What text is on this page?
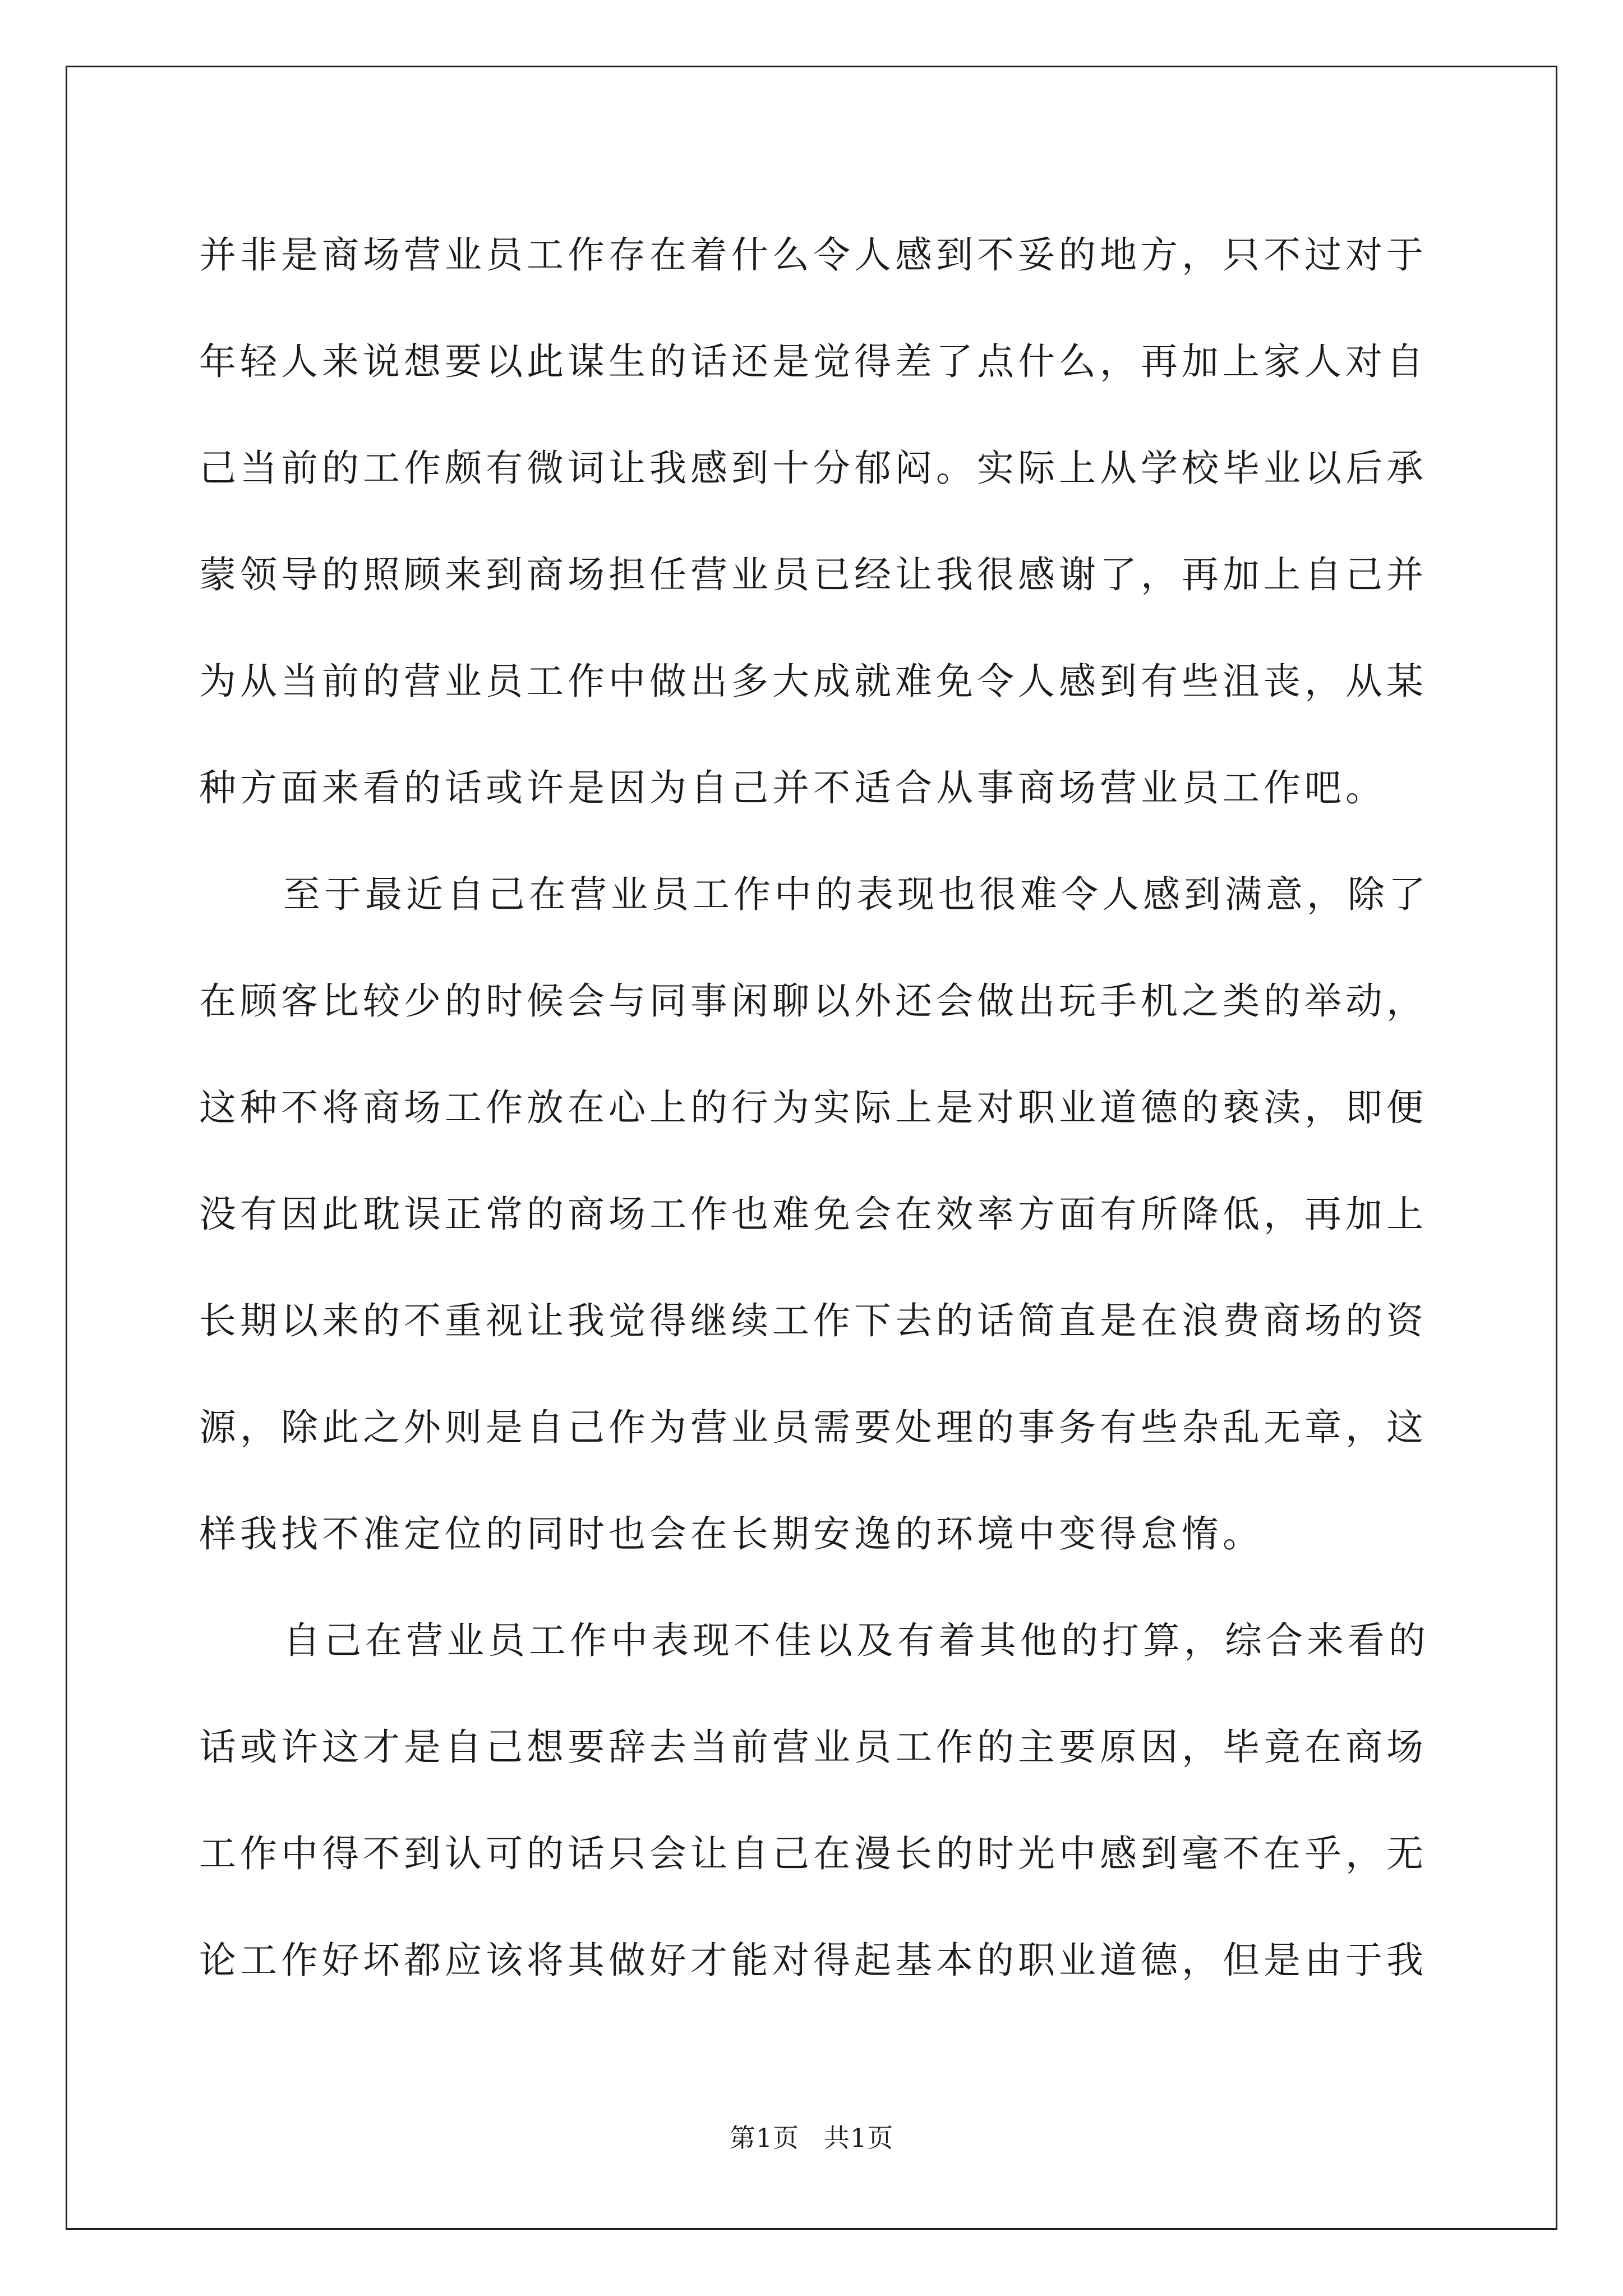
并非是商场营业员工作存在着什么令人感到不妥的地方，只不过对于
年轻人来说想要以此谋生的话还是觉得差了点什么，再加上家人对自
己当前的工作颇有微词让我感到十分郁闷。实际上从学校毕业以后承
蒙领导的照顾来到商场担任营业员已经让我很感谢了，再加上自己并
为从当前的营业员工作中做出多大成就难免令人感到有些沮丧，从某
种方面来看的话或许是因为自己并不适合从事商场营业员工作吧。
至于最近自己在营业员工作中的表现也很难令人感到满意，除了
在顾客比较少的时候会与同事闲聊以外还会做出玩手机之类的举动，
这种不将商场工作放在心上的行为实际上是对职业道德的亵渎，即便
没有因此耽误正常的商场工作也难免会在效率方面有所降低，再加上
长期以来的不重视让我觉得继续工作下去的话简直是在浪费商场的资
源，除此之外则是自己作为营业员需要处理的事务有些杂乱无章，这
样我找不准定位的同时也会在长期安逸的环境中变得怠惰。
自己在营业员工作中表现不佳以及有着其他的打算，综合来看的
话或许这才是自己想要辞去当前营业员工作的主要原因，毕竟在商场
工作中得不到认可的话只会让自己在漫长的时光中感到毫不在乎，无
论工作好坏都应该将其做好才能对得起基本的职业道德，但是由于我
第1页 共1页
